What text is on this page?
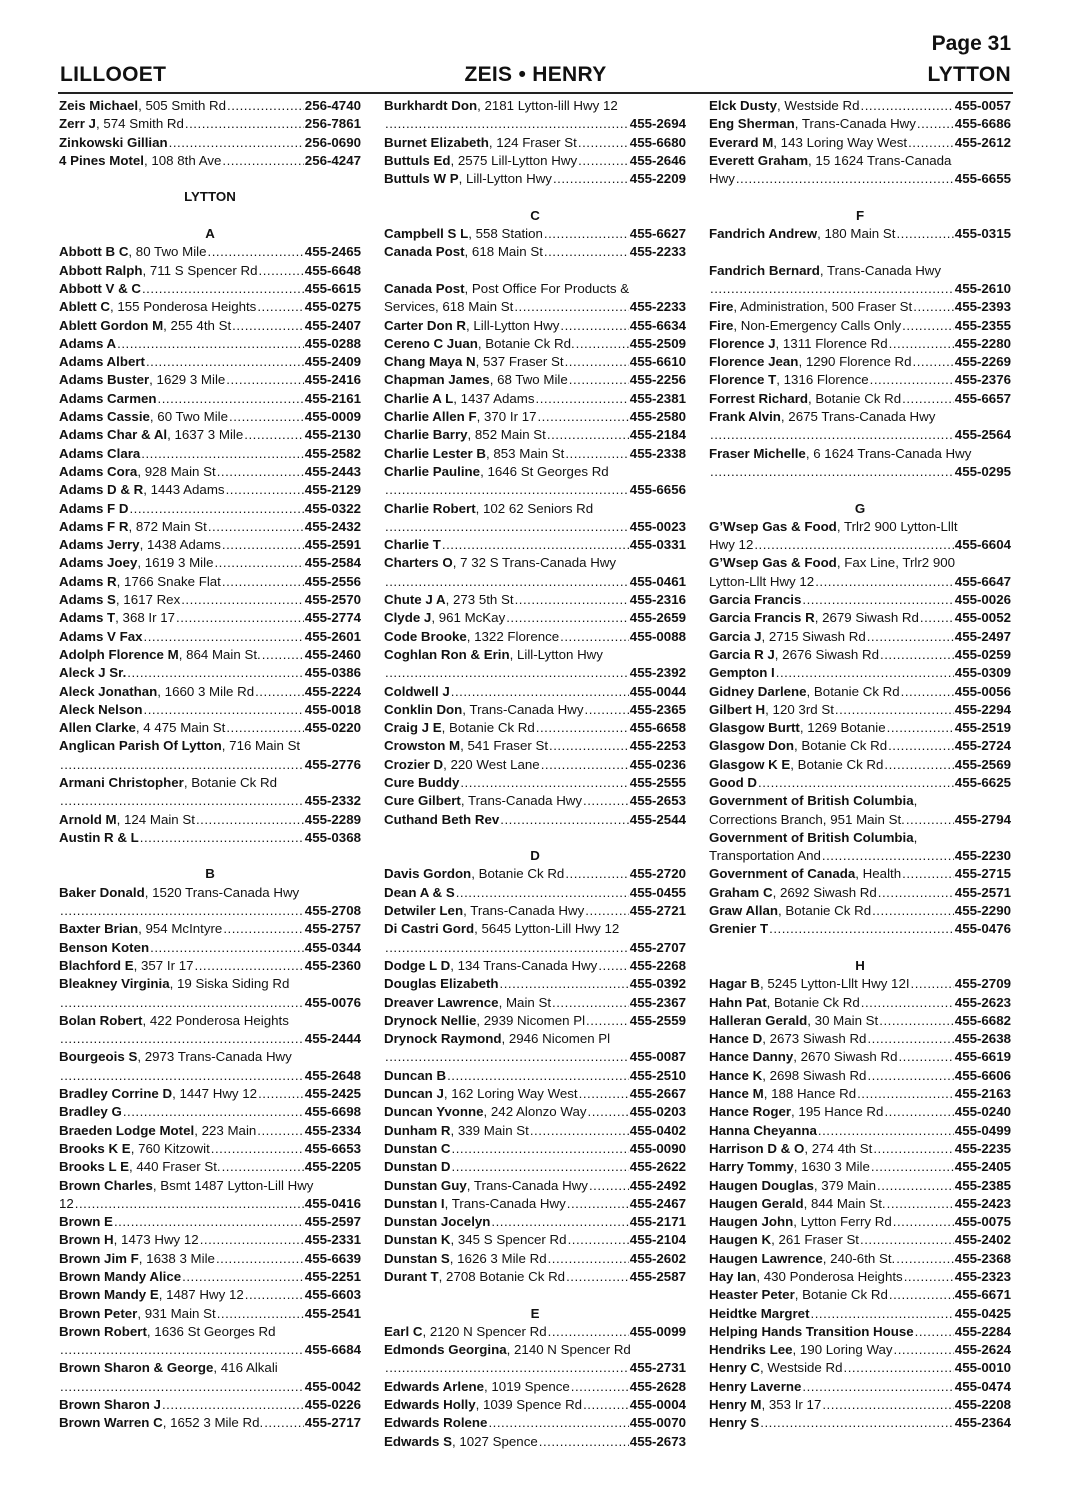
Page 31
LILLOOET	ZEIS • HENRY	LYTTON
Zeis Michael , 505 Smith Rd .....	256-4740
Zerr J , 574 Smith Rd .....	256-7861
Zinkowski Gillian .....	256-0690
4 Pines Motel , 108 8th Ave .....	256-4247
LYTTON
A
Abbott B C , 80 Two Mile .....	455-2465
Abbott Ralph , 711 S Spencer Rd .....	455-6648
Abbott V & C .....	455-6615
Ablett C , 155 Ponderosa Heights .....	455-0275
Ablett Gordon M , 255 4th St .....	455-2407
Adams A .....	455-0288
Adams Albert .....	455-2409
Adams Buster , 1629 3 Mile .....	455-2416
Adams Carmen .....	455-2161
Adams Cassie , 60 Two Mile .....	455-0009
Adams Char & Al , 1637 3 Mile .....	455-2130
Adams Clara .....	455-2582
Adams Cora , 928 Main St .....	455-2443
Adams D & R , 1443 Adams .....	455-2129
Adams F D .....	455-0322
Adams F R , 872 Main St .....	455-2432
Adams Jerry , 1438 Adams .....	455-2591
Adams Joey , 1619 3 Mile .....	455-2584
Adams R , 1766 Snake Flat .....	455-2556
Adams S , 1617 Rex .....	455-2570
Adams T , 368 Ir 17 .....	455-2774
Adams V Fax .....	455-2601
Adolph Florence M , 864 Main St. .....	455-2460
Aleck J Sr. .....	455-0386
Aleck Jonathan , 1660 3 Mile Rd .....	455-2224
Aleck Nelson .....	455-0018
Allen Clarke , 4 475 Main St .....	455-0220
Anglican Parish Of Lytton, 716 Main St
.....
455-2776
Armani Christopher, Botanie Ck Rd
.....
455-2332
Arnold M , 124 Main St .....	455-2289
Austin R & L .....	455-0368
B
Baker Donald, 1520 Trans-Canada Hwy
.....
455-2708
Baxter Brian , 954 McIntyre .....	455-2757
Benson Koten .....	455-0344
Blachford E , 357 Ir 17 .....	455-2360
Bleakney Virginia, 19 Siska Siding Rd
.....
455-0076
Bolan Robert, 422 Ponderosa Heights
.....
455-2444
Bourgeois S, 2973 Trans-Canada Hwy
.....
455-2648
Bradley Corrine D , 1447 Hwy 12 .....	455-2425
Bradley G .....	455-6698
Braeden Lodge Motel , 223 Main .....	455-2334
Brooks K E , 760 Kitzowit .....	455-6653
Brooks L E , 440 Fraser St. .....	455-2205
Brown Charles, Bsmt 1487 Lytton-Lill Hwy
12 .....	455-0416
Brown E .....	455-2597
Brown H , 1473 Hwy 12 .....	455-2331
Brown Jim F , 1638 3 Mile .....	455-6639
Brown Mandy Alice .....	455-2251
Brown Mandy E , 1487 Hwy 12 .....	455-6603
Brown Peter , 931 Main St .....	455-2541
Brown Robert, 1636 St Georges Rd
.....
455-6684
Brown Sharon & George, 416 Alkali
.....
455-0042
Brown Sharon J .....	455-0226
Brown Warren C , 1652 3 Mile Rd. .....	455-2717
Burkhardt Don, 2181 Lytton-lill Hwy 12
.....
455-2694
Burnet Elizabeth , 124 Fraser St .....	455-6680
Buttuls Ed , 2575 Lill-Lytton Hwy .....	455-2646
Buttuls W P , Lill-Lytton Hwy .....	455-2209
C
Campbell S L , 558 Station .....	455-6627
Canada Post , 618 Main St .....	455-2233
Canada Post, Post Office For Products &
Services, 618 Main St .....	455-2233
Carter Don R , Lill-Lytton Hwy .....	455-6634
Cereno C Juan , Botanie Ck Rd. .....	455-2509
Chang Maya N , 537 Fraser St .....	455-6610
Chapman James , 68 Two Mile .....	455-2256
Charlie A L , 1437 Adams .....	455-2381
Charlie Allen F , 370 Ir 17 .....	455-2580
Charlie Barry , 852 Main St .....	455-2184
Charlie Lester B , 853 Main St .....	455-2338
Charlie Pauline, 1646 St Georges Rd
.....
455-6656
Charlie Robert, 102 62 Seniors Rd
.....
455-0023
Charlie T .....	455-0331
Charters O, 7 32 S Trans-Canada Hwy
.....
455-0461
Chute J A , 273 5th St .....	455-2316
Clyde J , 961 McKay .....	455-2659
Code Brooke , 1322 Florence .....	455-0088
Coghlan Ron & Erin, Lill-Lytton Hwy
.....
455-2392
Coldwell J .....	455-0044
Conklin Don , Trans-Canada Hwy .....	455-2365
Craig J E , Botanie Ck Rd .....	455-6658
Crowston M , 541 Fraser St .....	455-2253
Crozier D , 220 West Lane .....	455-0236
Cure Buddy .....	455-2555
Cure Gilbert , Trans-Canada Hwy .....	455-2653
Cuthand Beth Rev .....	455-2544
D
Davis Gordon , Botanie Ck Rd .....	455-2720
Dean A & S .....	455-0455
Detwiler Len , Trans-Canada Hwy .....	455-2721
Di Castri Gord, 5645 Lytton-Lill Hwy 12
.....
455-2707
Dodge L D , 134 Trans-Canada Hwy ..... 455-2268
Douglas Elizabeth .....	455-0392
Dreaver Lawrence , Main St .....	455-2367
Drynock Nellie , 2939 Nicomen Pl .....	455-2559
Drynock Raymond, 2946 Nicomen Pl
.....
455-0087
Duncan B .....	455-2510
Duncan J , 162 Loring Way West .....	455-2667
Duncan Yvonne , 242 Alonzo Way .....	455-0203
Dunham R , 339 Main St .....	455-0402
Dunstan C .....	455-0090
Dunstan D .....	455-2622
Dunstan Guy , Trans-Canada Hwy .....	455-2492
Dunstan I , Trans-Canada Hwy .....	455-2467
Dunstan Jocelyn .....	455-2171
Dunstan K , 345 S Spencer Rd .....	455-2104
Dunstan S , 1626 3 Mile Rd .....	455-2602
Durant T , 2708 Botanie Ck Rd .....	455-2587
E
Earl C , 2120 N Spencer Rd .....	455-0099
Edmonds Georgina, 2140 N Spencer Rd
.....
455-2731
Edwards Arlene , 1019 Spence .....	455-2628
Edwards Holly , 1039 Spence Rd .....	455-0004
Edwards Rolene .....	455-0070
Edwards S , 1027 Spence .....	455-2673
Elck Dusty , Westside Rd .....	455-0057
Eng Sherman , Trans-Canada Hwy .....	455-6686
Everard M , 143 Loring Way West .....	455-2612
Everett Graham, 15 1624 Trans-Canada
Hwy .....	455-6655
F
Fandrich Andrew , 180 Main St .....	455-0315
Fandrich Bernard, Trans-Canada Hwy
.....
455-2610
Fire , Administration, 500 Fraser St .....	455-2393
Fire , Non-Emergency Calls Only .....	455-2355
Florence J , 1311 Florence Rd .....	455-2280
Florence Jean , 1290 Florence Rd .....	455-2269
Florence T , 1316 Florence .....	455-2376
Forrest Richard , Botanie Ck Rd .....	455-6657
Frank Alvin, 2675 Trans-Canada Hwy
.....
455-2564
Fraser Michelle, 6 1624 Trans-Canada Hwy
.....
455-0295
G
G’Wsep Gas & Food, Trlr2 900 Lytton-Lllt
Hwy 12 .....	455-6604
G’Wsep Gas & Food, Fax Line, Trlr2 900
Lytton-Lllt Hwy 12 .....	455-6647
Garcia Francis .....	455-0026
Garcia Francis R , 2679 Siwash Rd .....	455-0052
Garcia J , 2715 Siwash Rd .....	455-2497
Garcia R J , 2676 Siwash Rd .....	455-0259
Gempton I .....	455-0309
Gidney Darlene , Botanie Ck Rd .....	455-0056
Gilbert H , 120 3rd St .....	455-2294
Glasgow Burtt , 1269 Botanie .....	455-2519
Glasgow Don , Botanie Ck Rd .....	455-2724
Glasgow K E , Botanie Ck Rd .....	455-2569
Good D .....	455-6625
Government of British Columbia,
Corrections Branch, 951 Main St. .....	455-2794
Government of British Columbia,
Transportation And .....	455-2230
Government of Canada , Health .....	455-2715
Graham C , 2692 Siwash Rd .....	455-2571
Graw Allan , Botanie Ck Rd .....	455-2290
Grenier T .....	455-0476
H
Hagar B , 5245 Lytton-Lllt Hwy 12I .....	455-2709
Hahn Pat , Botanie Ck Rd .....	455-2623
Halleran Gerald , 30 Main St .....	455-6682
Hance D , 2673 Siwash Rd .....	455-2638
Hance Danny , 2670 Siwash Rd .....	455-6619
Hance K , 2698 Siwash Rd .....	455-6606
Hance M , 188 Hance Rd .....	455-2163
Hance Roger , 195 Hance Rd .....	455-0240
Hanna Cheyanna .....	455-0499
Harrison D & O , 274 4th St .....	455-2235
Harry Tommy , 1630 3 Mile .....	455-2405
Haugen Douglas , 379 Main .....	455-2385
Haugen Gerald , 844 Main St. .....	455-2423
Haugen John , Lytton Ferry Rd .....	455-0075
Haugen K , 261 Fraser St .....	455-2402
Haugen Lawrence , 240-6th St. .....	455-2368
Hay Ian , 430 Ponderosa Heights .....	455-2323
Heaster Peter , Botanie Ck Rd .....	455-6671
Heidtke Margret .....	455-0425
Helping Hands Transition House .....	455-2284
Hendriks Lee , 190 Loring Way .....	455-2624
Henry C , Westside Rd .....	455-0010
Henry Laverne .....	455-0474
Henry M , 353 Ir 17 .....	455-2208
Henry S .....	455-2364
